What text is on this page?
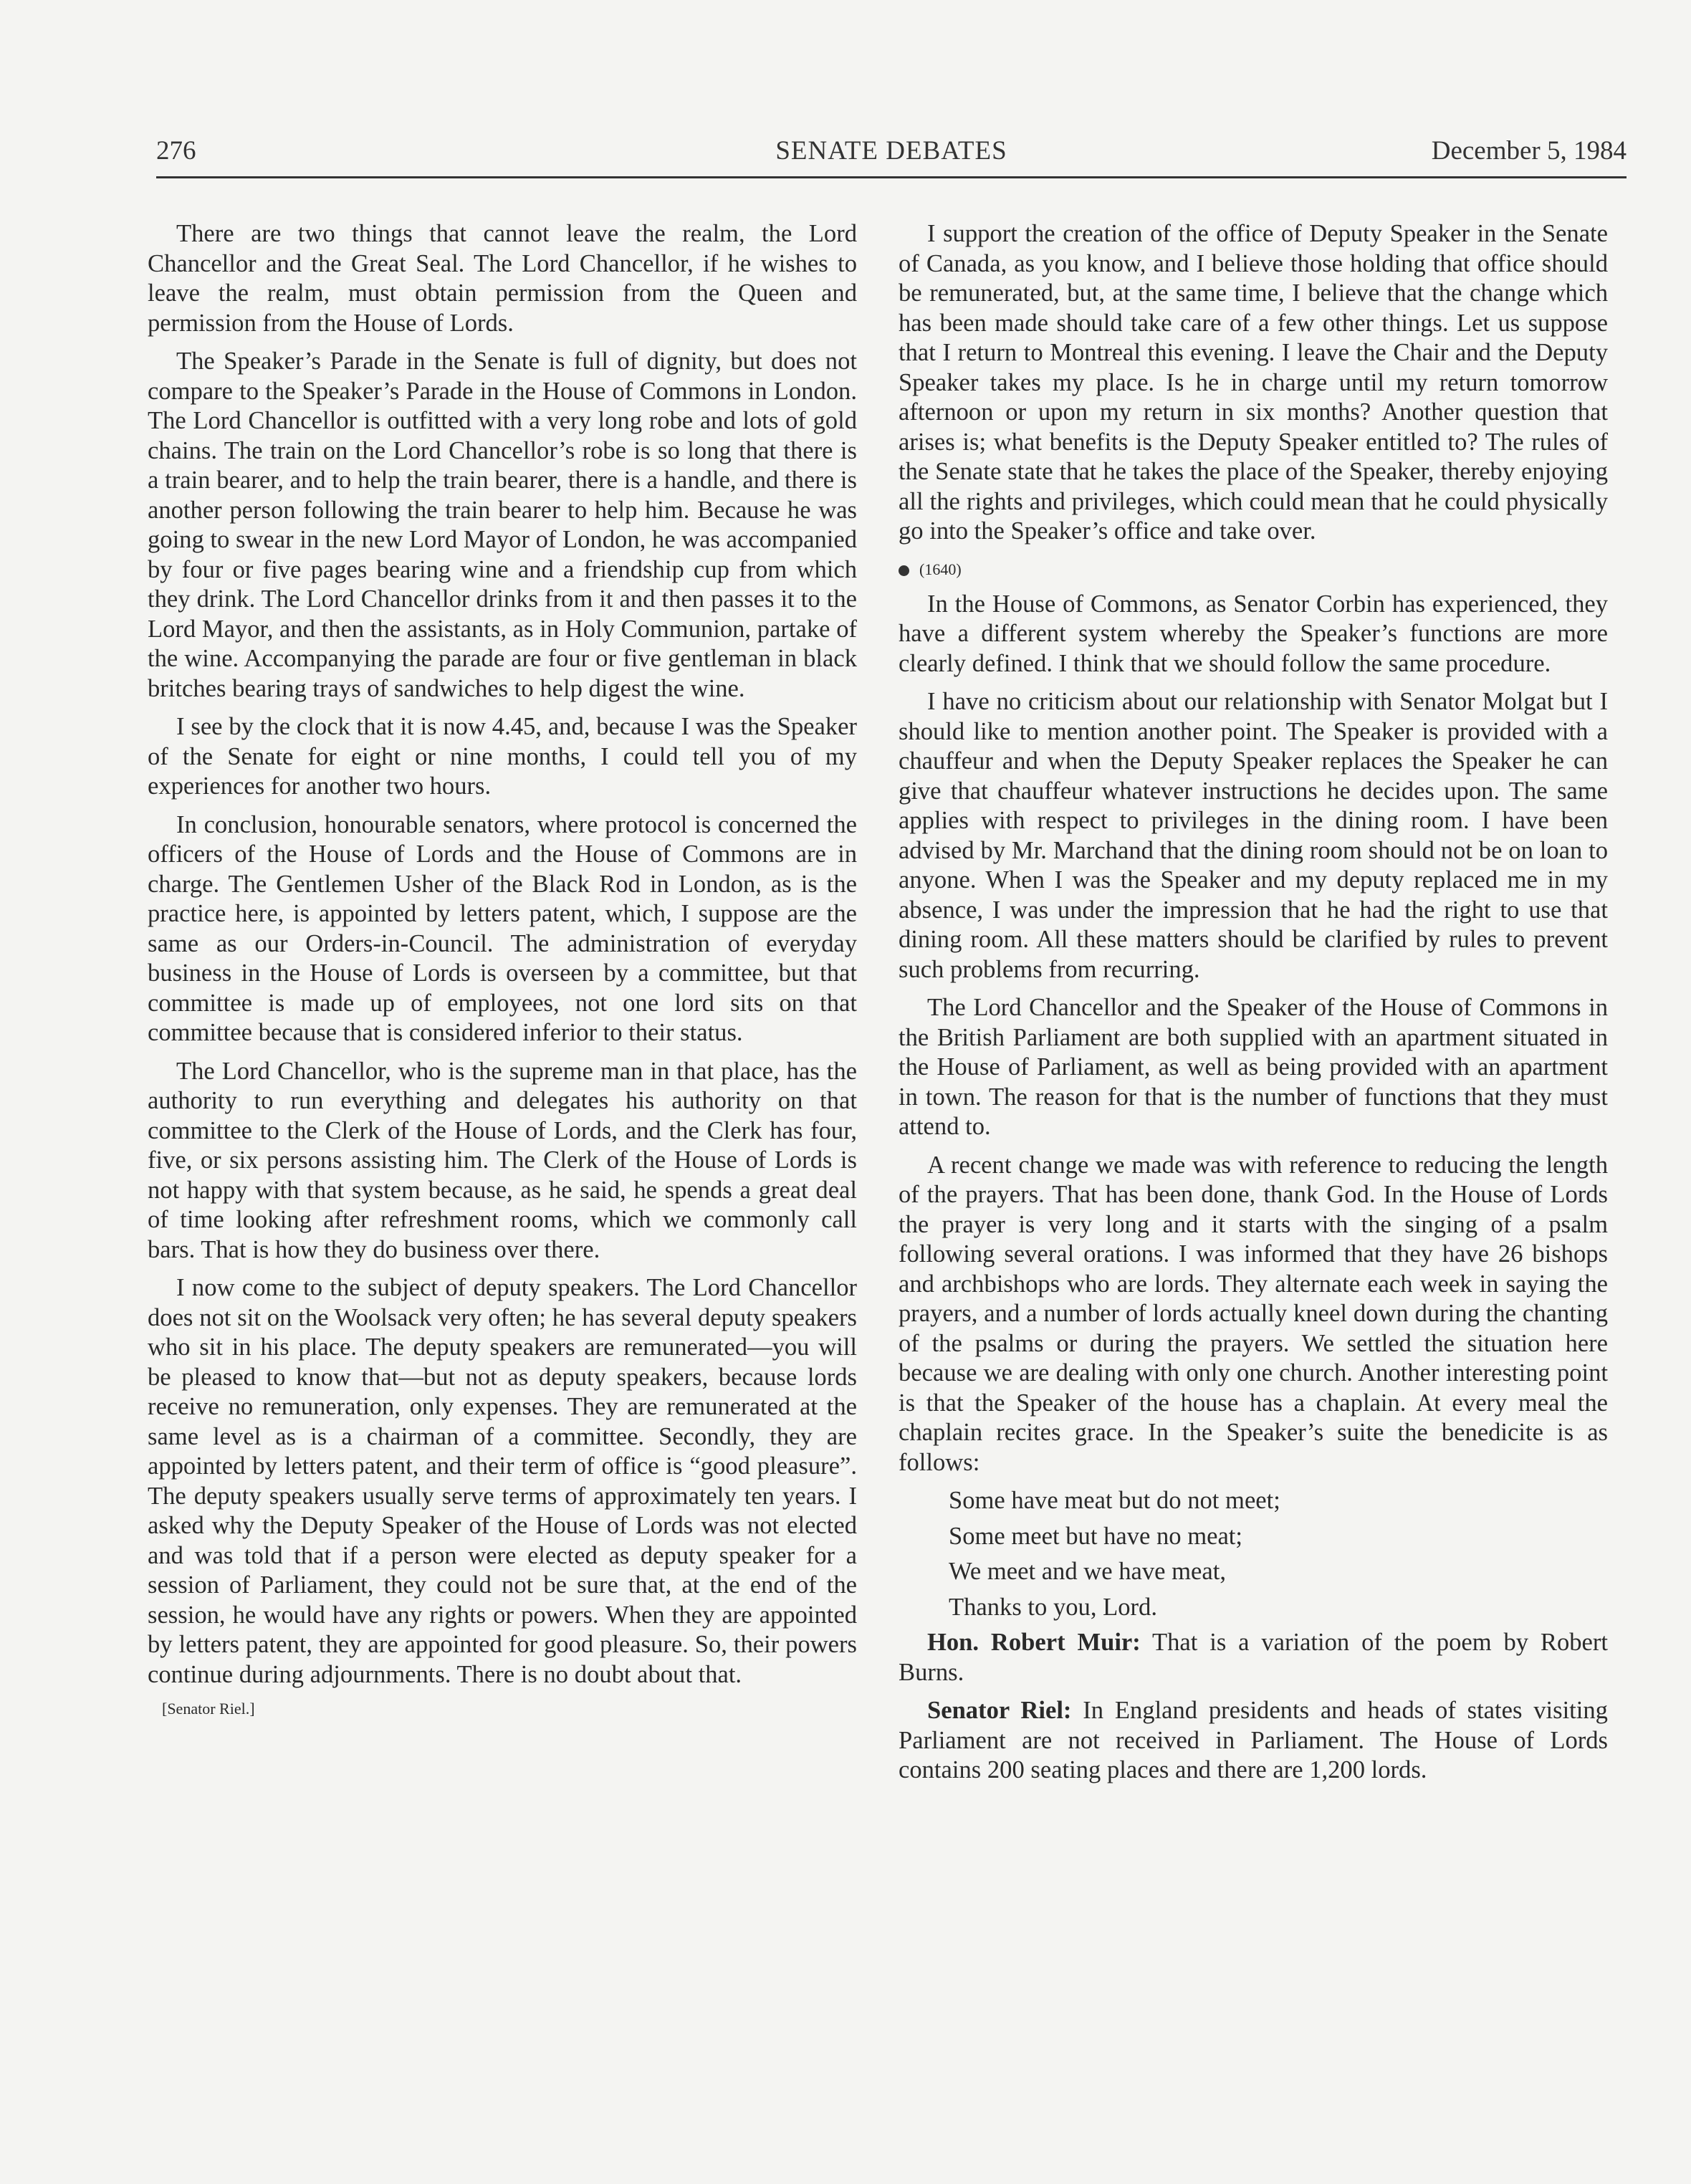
276	SENATE DEBATES	December 5, 1984

There are two things that cannot leave the realm, the Lord Chancellor and the Great Seal. The Lord Chancellor, if he wishes to leave the realm, must obtain permission from the Queen and permission from the House of Lords.

The Speaker’s Parade in the Senate is full of dignity, but does not compare to the Speaker’s Parade in the House of Commons in London. The Lord Chancellor is outfitted with a very long robe and lots of gold chains. The train on the Lord Chancellor’s robe is so long that there is a train bearer, and to help the train bearer, there is a handle, and there is another person following the train bearer to help him. Because he was going to swear in the new Lord Mayor of London, he was accompanied by four or five pages bearing wine and a friendship cup from which they drink. The Lord Chancellor drinks from it and then passes it to the Lord Mayor, and then the assistants, as in Holy Communion, partake of the wine. Accompanying the parade are four or five gentleman in black britches bearing trays of sandwiches to help digest the wine.

I see by the clock that it is now 4.45, and, because I was the Speaker of the Senate for eight or nine months, I could tell you of my experiences for another two hours.

In conclusion, honourable senators, where protocol is concerned the officers of the House of Lords and the House of Commons are in charge. The Gentlemen Usher of the Black Rod in London, as is the practice here, is appointed by letters patent, which, I suppose are the same as our Orders-in-Council. The administration of everyday business in the House of Lords is overseen by a committee, but that committee is made up of employees, not one lord sits on that committee because that is considered inferior to their status.

The Lord Chancellor, who is the supreme man in that place, has the authority to run everything and delegates his authority on that committee to the Clerk of the House of Lords, and the Clerk has four, five, or six persons assisting him. The Clerk of the House of Lords is not happy with that system because, as he said, he spends a great deal of time looking after refreshment rooms, which we commonly call bars. That is how they do business over there.

I now come to the subject of deputy speakers. The Lord Chancellor does not sit on the Woolsack very often; he has several deputy speakers who sit in his place. The deputy speakers are remunerated—you will be pleased to know that—but not as deputy speakers, because lords receive no remuneration, only expenses. They are remunerated at the same level as is a chairman of a committee. Secondly, they are appointed by letters patent, and their term of office is “good pleasure”. The deputy speakers usually serve terms of approximately ten years. I asked why the Deputy Speaker of the House of Lords was not elected and was told that if a person were elected as deputy speaker for a session of Parliament, they could not be sure that, at the end of the session, he would have any rights or powers. When they are appointed by letters patent, they are appointed for good pleasure. So, their powers continue during adjournments. There is no doubt about that.

[Senator Riel.]

I support the creation of the office of Deputy Speaker in the Senate of Canada, as you know, and I believe those holding that office should be remunerated, but, at the same time, I believe that the change which has been made should take care of a few other things. Let us suppose that I return to Montreal this evening. I leave the Chair and the Deputy Speaker takes my place. Is he in charge until my return tomorrow afternoon or upon my return in six months? Another question that arises is; what benefits is the Deputy Speaker entitled to? The rules of the Senate state that he takes the place of the Speaker, thereby enjoying all the rights and privileges, which could mean that he could physically go into the Speaker’s office and take over.

(1640)

In the House of Commons, as Senator Corbin has experienced, they have a different system whereby the Speaker’s functions are more clearly defined. I think that we should follow the same procedure.

I have no criticism about our relationship with Senator Molgat but I should like to mention another point. The Speaker is provided with a chauffeur and when the Deputy Speaker replaces the Speaker he can give that chauffeur whatever instructions he decides upon. The same applies with respect to privileges in the dining room. I have been advised by Mr. Marchand that the dining room should not be on loan to anyone. When I was the Speaker and my deputy replaced me in my absence, I was under the impression that he had the right to use that dining room. All these matters should be clarified by rules to prevent such problems from recurring.

The Lord Chancellor and the Speaker of the House of Commons in the British Parliament are both supplied with an apartment situated in the House of Parliament, as well as being provided with an apartment in town. The reason for that is the number of functions that they must attend to.

A recent change we made was with reference to reducing the length of the prayers. That has been done, thank God. In the House of Lords the prayer is very long and it starts with the singing of a psalm following several orations. I was informed that they have 26 bishops and archbishops who are lords. They alternate each week in saying the prayers, and a number of lords actually kneel down during the chanting of the psalms or during the prayers. We settled the situation here because we are dealing with only one church. Another interesting point is that the Speaker of the house has a chaplain. At every meal the chaplain recites grace. In the Speaker’s suite the benedicite is as follows:

Some have meat but do not meet;

Some meet but have no meat;

We meet and we have meat,

Thanks to you, Lord.

Hon. Robert Muir: That is a variation of the poem by Robert Burns.

Senator Riel: In England presidents and heads of states visiting Parliament are not received in Parliament. The House of Lords contains 200 seating places and there are 1,200 lords.
